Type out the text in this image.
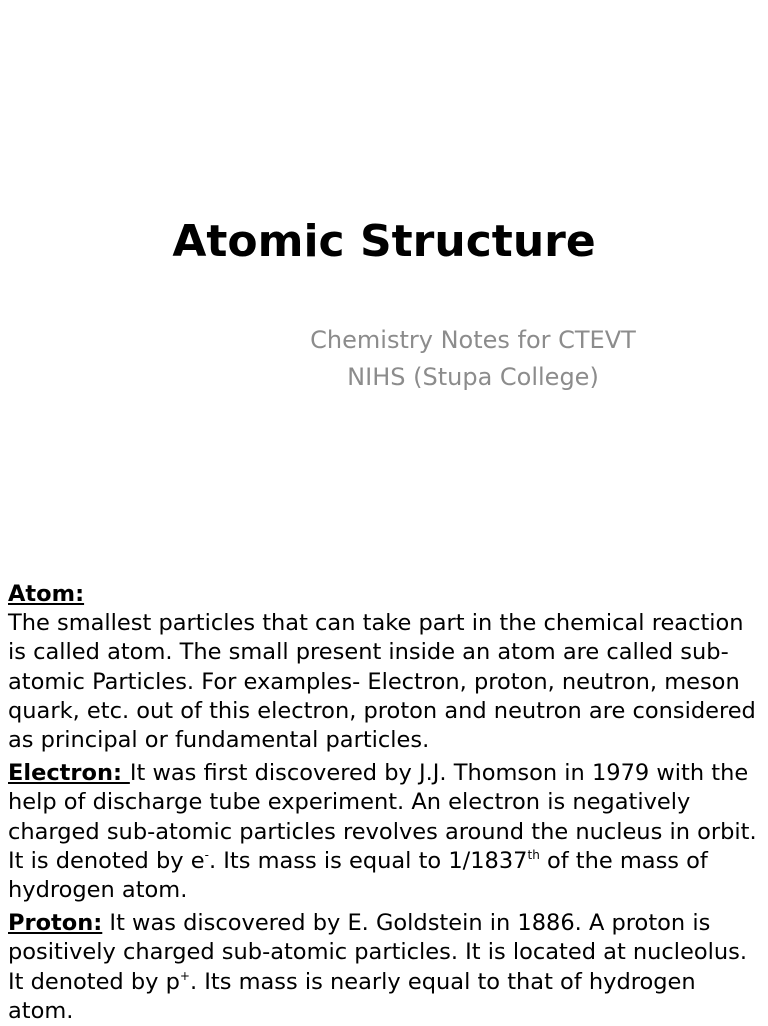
Atomic Structure
Chemistry Notes for CTEVT
NIHS (Stupa College)

Atom:
The smallest particles that can take part in the chemical reaction is called atom. The small present inside an atom are called sub-atomic Particles. For examples- Electron, proton, neutron, meson quark, etc. out of this electron, proton and neutron are considered as principal or fundamental particles.

Electron: It was first discovered by J.J. Thomson in 1979 with the help of discharge tube experiment. An electron is negatively charged sub-atomic particles revolves around the nucleus in orbit. It is denoted by e-. Its mass is equal to 1/1837th of the mass of hydrogen atom.

Proton: It was discovered by E. Goldstein in 1886. A proton is positively charged sub-atomic particles. It is located at nucleolus. It denoted by p+. Its mass is nearly equal to that of hydrogen atom.
